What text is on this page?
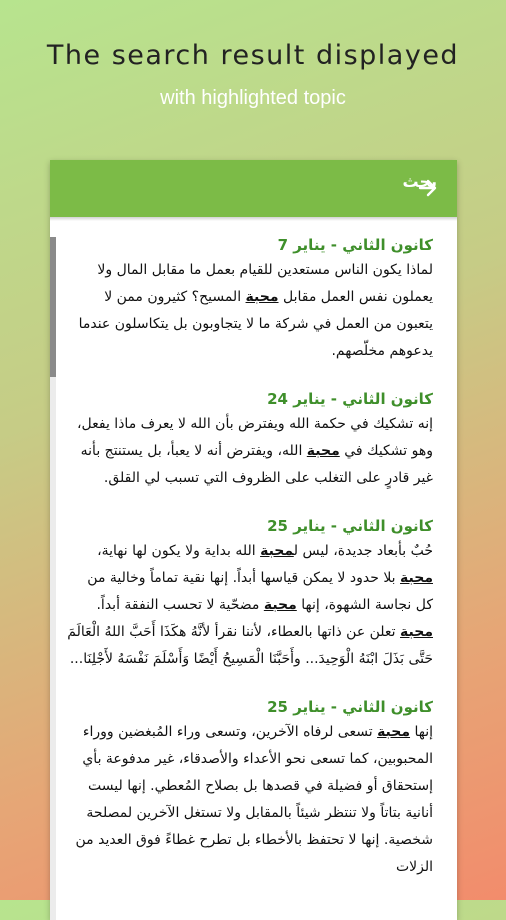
The search result displayed
with highlighted topic
بحث
كانون الثاني - يناير 7
لماذا يكون الناس مستعدين للقيام بعمل ما مقابل المال ولا يعملون نفس العمل مقابل محبة المسيح؟ كثيرون ممن لا يتعبون من العمل في شركة ما لا يتجاوبون بل يتكاسلون عندما يدعوهم مخلّصهم.
كانون الثاني - يناير 24
إنه تشكيك في حكمة الله ويفترض بأن الله لا يعرف ماذا يفعل، وهو تشكيك في محبة الله، ويفترض أنه لا يعبأ، بل يستنتج بأنه غير قادرٍ على التغلب على الظروف التي تسبب لي القلق.
كانون الثاني - يناير 25
حُبٌ بأبعاد جديدة، ليس لمحبة الله بداية ولا يكون لها نهاية، محبة بلا حدود لا يمكن قياسها أبداً. إنها نقية تماماً وخالية من كل نجاسة الشهوة، إنها محبة مضحّية لا تحسب النفقة أبداً. محبة تعلن عن ذاتها بالعطاء، لأننا نقرأ لأنَّهُ هكَذَا أَحَبَّ اللهُ الْعَالَمَ حَتَّى بَذَلَ ابْنَهُ الْوَحِيدَ... وأَحَبَّنَا الْمَسِيحُ أَيْضًا وَأَسْلَمَ نَفْسَهُ لأَجْلِنَا...
كانون الثاني - يناير 25
إنها محبة تسعى لرفاه الآخرين، وتسعى وراء المُبغضين ووراء المحبوبين، كما تسعى نحو الأعداء والأصدقاء، غير مدفوعة بأي إستحقاق أو فضيلة في قصدها بل بصلاح المُعطي. إنها ليست أنانية بتاتاً ولا تنتظر شيئاً بالمقابل ولا تستغل الآخرين لمصلحة شخصية. إنها لا تحتفظ بالأخطاء بل تطرح غطاءً فوق العديد من الزلات
